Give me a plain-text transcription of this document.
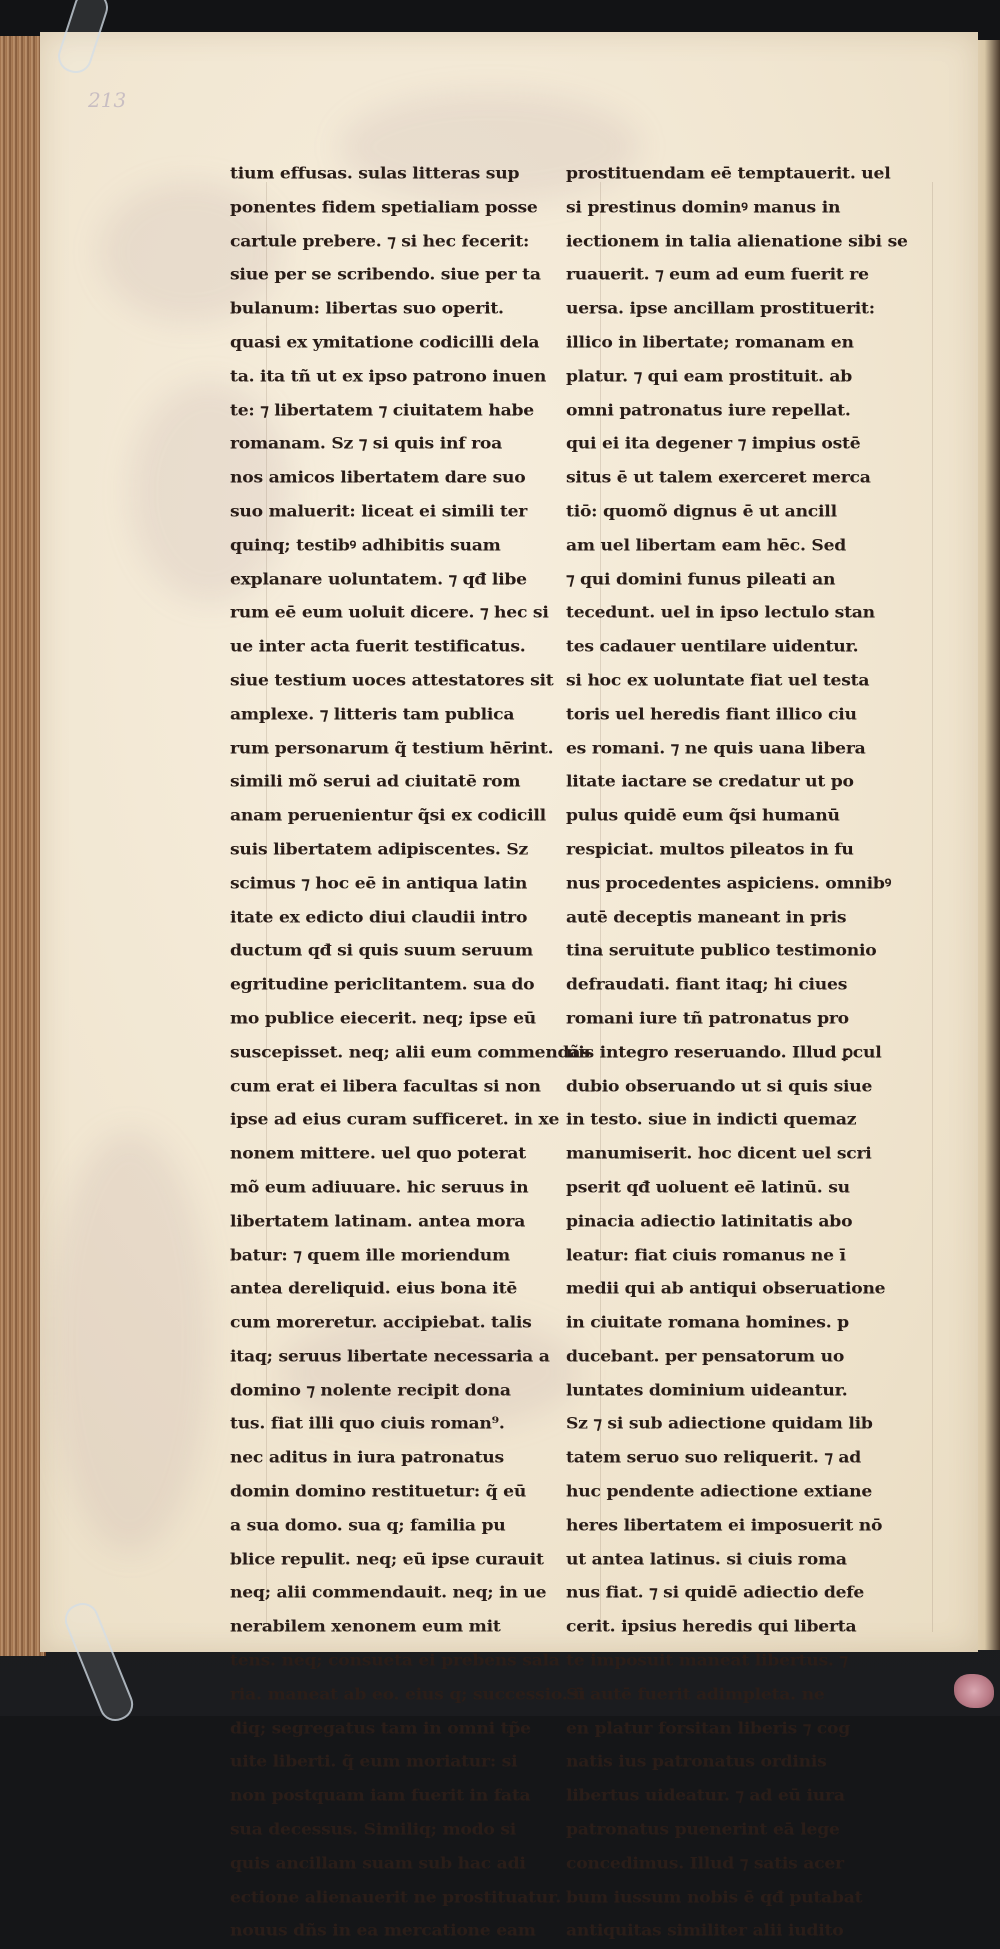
213
tium effusas. sulas litteras sup
ponentes fidem spetialiam posse
cartule prebere. ⁊ si hec fecerit:
siue per se scribendo. siue per ta
bulanum: libertas suo operit.
quasi ex ymitatione codicilli dela
ta. ita tñ ut ex ipso patrono inuen
te: ⁊ libertatem ⁊ ciuitatem habe
romanam. Sz ⁊ si quis inf roa
nos amicos libertatem dare suo
suo maluerit: liceat ei simili ter
quinq; testibꝰ adhibitis suam
explanare uoluntatem. ⁊ qđ libe
rum eē eum uoluit dicere. ⁊ hec si
ue inter acta fuerit testificatus.
siue testium uoces attestatores sit
amplexe. ⁊ litteris tam publica
rum personarum q̃ testium hērint.
simili mõ serui ad ciuitatē rom
anam peruenientur q̃si ex codicill
suis libertatem adipiscentes. Sz
scimus ⁊ hoc eē in antiqua latin
itate ex edicto diui claudii intro
ductum qđ si quis suum seruum
egritudine periclitantem. sua do
mo publice eiecerit. neq; ipse eū
suscepisset. neq; alii eum commendãs
cum erat ei libera facultas si non
ipse ad eius curam sufficeret. in xe
nonem mittere. uel quo poterat
mõ eum adiuuare. hic seruus in
libertatem latinam. antea mora
batur: ⁊ quem ille moriendum
antea dereliquid. eius bona itē
cum moreretur. accipiebat. talis
itaq; seruus libertate necessaria a
domino ⁊ nolente recipit dona
tus. fiat illi quo ciuis roman⁹.
nec aditus in iura patronatus
domin domino restituetur: q̃ eū
a sua domo. sua q; familia pu
blice repulit. neq; eū ipse curauit
neq; alii commendauit. neq; in ue
nerabilem xenonem eum mit
tens. neq; consueta ei prebens sala
ria. maneat ab eo. eius q; successio. ū
diq; segregatus tam in omni tp̃e
uite liberti. q̃ eum moriatur: si
non postquam iam fuerit in fata
sua decessus. Similiq; modo si
quis ancillam suam sub hac adi
ectione alienauerit ne prostituatur.
nouus dñs in ea mercatione eam
prostituendam eē temptauerit. uel
si prestinus dominꝰ manus in
iectionem in talia alienatione sibi se
ruauerit. ⁊ eum ad eum fuerit re
uersa. ipse ancillam prostituerit:
illico in libertate; romanam en
platur. ⁊ qui eam prostituit. ab
omni patronatus iure repellat.
qui ei ita degener ⁊ impius ostē
situs ē ut talem exerceret merca
tiō: quomõ dignus ē ut ancill
am uel libertam eam hēc. Sed
⁊ qui domini funus pileati an
tecedunt. uel in ipso lectulo stan
tes cadauer uentilare uidentur.
si hoc ex uoluntate fiat uel testa
toris uel heredis fiant illico ciu
es romani. ⁊ ne quis uana libera
litate iactare se credatur ut po
pulus quidē eum q̃si humanū
respiciat. multos pileatos in fu
nus procedentes aspiciens. omnibꝰ
autē deceptis maneant in pris
tina seruitute publico testimonio
defraudati. fiant itaq; hi ciues
romani iure tñ patronatus pro
nis integro reseruando. Illud ꝑcul
dubio obseruando ut si quis siue
in testo. siue in indicti quemaz
manumiserit. hoc dicent uel scri
pserit qđ uoluent eē latinū. su
pinacia adiectio latinitatis abo
leatur: fiat ciuis romanus ne ī
medii qui ab antiqui obseruatione
in ciuitate romana homines. p
ducebant. per pensatorum uo
luntates dominium uideantur.
Sz ⁊ si sub adiectione quidam lib
tatem seruo suo reliquerit. ⁊ ad
huc pendente adiectione extiane
heres libertatem ei imposuerit nō
ut antea latinus. si ciuis roma
nus fiat. ⁊ si quidē adiectio defe
cerit. ipsius heredis qui liberta
te imposuit maneat libertus. ⁊
Si autē fuerit adimpleta. ne
en platur forsitan liberis ⁊ cog
natis ius patronatus ordinis
libertus uideatur. ⁊ ad eū iura
patronatus puenerint eā lege
concedimus. Illud ⁊ satis acer
bum iussum nobis ē qđ putabat
antiquitas similiter alii iudito
